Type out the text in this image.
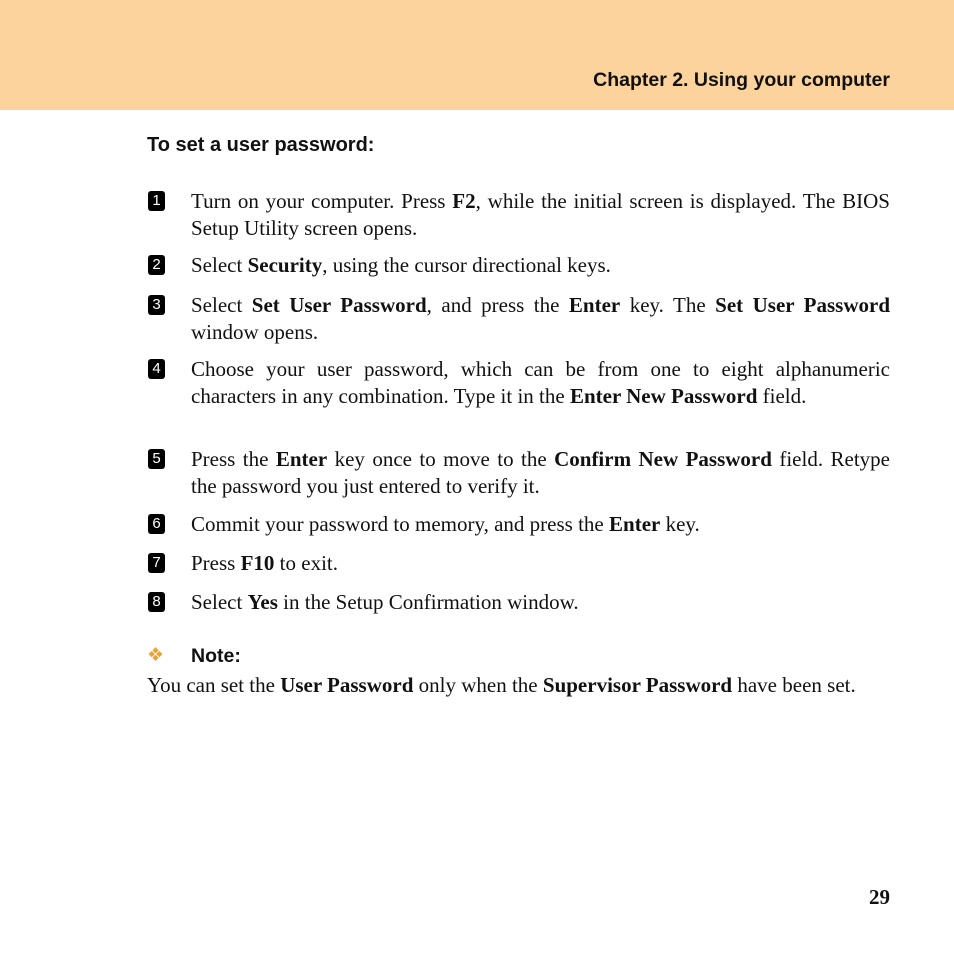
Chapter 2. Using your computer
To set a user password:
1 Turn on your computer. Press F2, while the initial screen is displayed. The BIOS Setup Utility screen opens.
2 Select Security, using the cursor directional keys.
3 Select Set User Password, and press the Enter key. The Set User Password window opens.
4 Choose your user password, which can be from one to eight alphanumeric characters in any combination. Type it in the Enter New Password field.
5 Press the Enter key once to move to the Confirm New Password field. Retype the password you just entered to verify it.
6 Commit your password to memory, and press the Enter key.
7 Press F10 to exit.
8 Select Yes in the Setup Confirmation window.
❖ Note:

You can set the User Password only when the Supervisor Password have been set.

29
